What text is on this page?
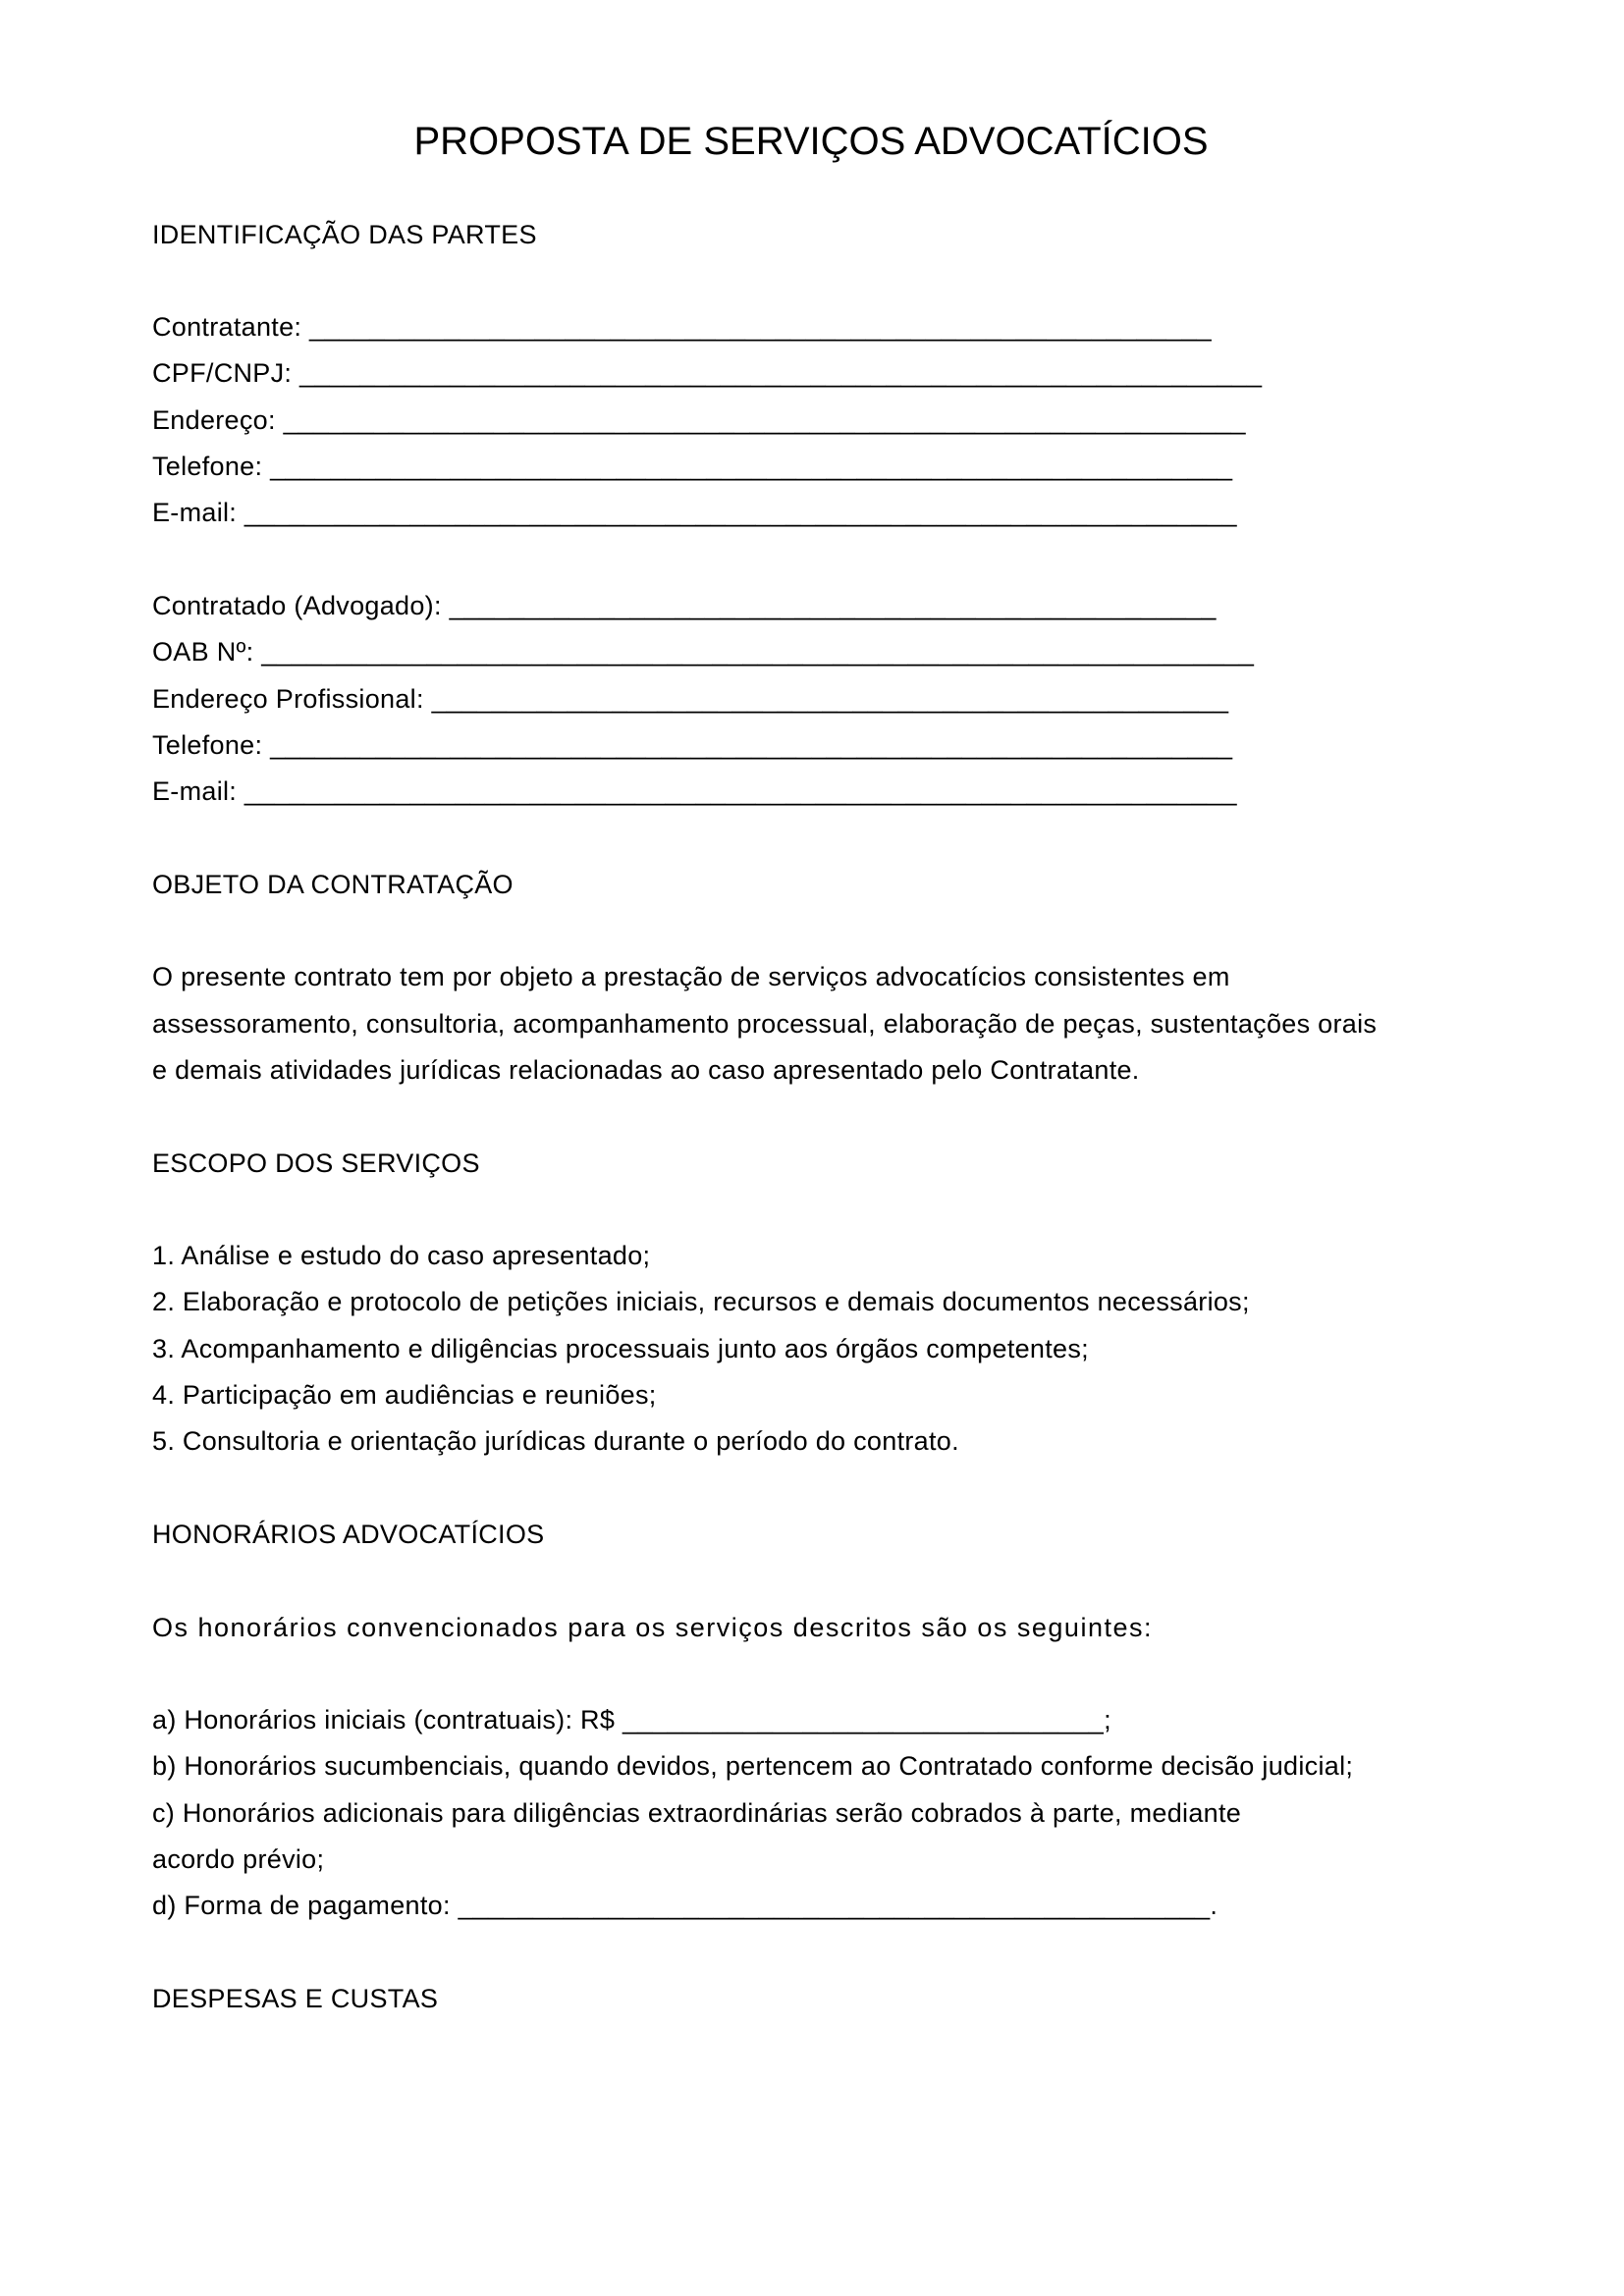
PROPOSTA DE SERVIÇOS ADVOCATÍCIOS
IDENTIFICAÇÃO DAS PARTES
Contratante: ____________________________________________________________
CPF/CNPJ: ________________________________________________________________
Endereço: ________________________________________________________________
Telefone: ________________________________________________________________
E-mail: __________________________________________________________________
Contratado (Advogado): ___________________________________________________
OAB Nº: __________________________________________________________________
Endereço Profissional: _____________________________________________________
Telefone: ________________________________________________________________
E-mail: __________________________________________________________________
OBJETO DA CONTRATAÇÃO
O presente contrato tem por objeto a prestação de serviços advocatícios consistentes em
assessoramento, consultoria, acompanhamento processual, elaboração de peças, sustentações orais
e demais atividades jurídicas relacionadas ao caso apresentado pelo Contratante.
ESCOPO DOS SERVIÇOS
1. Análise e estudo do caso apresentado;
2. Elaboração e protocolo de petições iniciais, recursos e demais documentos necessários;
3. Acompanhamento e diligências processuais junto aos órgãos competentes;
4. Participação em audiências e reuniões;
5. Consultoria e orientação jurídicas durante o período do contrato.
HONORÁRIOS ADVOCATÍCIOS
Os honorários convencionados para os serviços descritos são os seguintes:
a) Honorários iniciais (contratuais): R$ ________________________________;
b) Honorários sucumbenciais, quando devidos, pertencem ao Contratado conforme decisão judicial;
c) Honorários adicionais para diligências extraordinárias serão cobrados à parte, mediante
acordo prévio;
d) Forma de pagamento: __________________________________________________.
DESPESAS E CUSTAS
